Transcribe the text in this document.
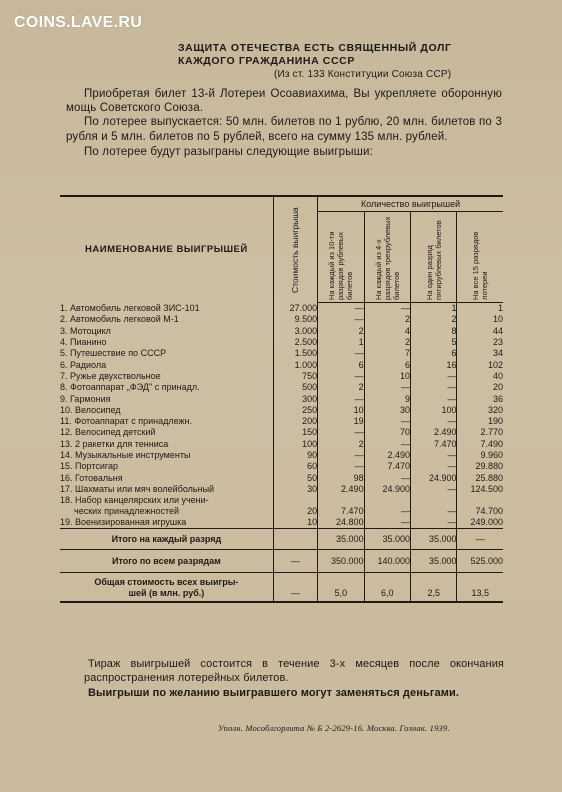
COINS.LAVE.RU
ЗАЩИТА ОТЕЧЕСТВА ЕСТЬ СВЯЩЕННЫЙ ДОЛГ
КАЖДОГО ГРАЖДАНИНА СССР
(Из ст. 133 Конституции Союза ССР)

Приобретая билет 13-й Лотереи Осоавиахима, Вы укрепляете оборонную мощь Советского Союза.

По лотерее выпускается: 50 млн. билетов по 1 рублю, 20 млн. билетов по 3 рубля и 5 млн. билетов по 5 рублей, всего на сумму 135 млн. рублей.

По лотерее будут разыграны следующие выигрыши:

НАИМЕНОВАНИЕ ВЫИГРЫШЕЙ	Стоимость выигрыша	Количество выигрышей			

		На каждый из 10-ти разрядов рублевых билетов	На каждый из 4-х разрядов трехрублевых билетов	На один разряд пятирублевых билетов	На все 15 разрядов лотереи

1. Автомобиль легковой ЗИС-101	27.000	—	—	1	1
2. Автомобиль легковой М-1	9.500	—	2	2	10
3. Мотоцикл	3.000	2	4	8	44
4. Пианино	2.500	1	2	5	23
5. Путешествие по СССР	1.500	—	7	6	34
6. Радиола	1.000	6	6	16	102
7. Ружье двухствольное	750	—	10	—	40
8. Фотоаппарат „ФЭД" с принадл.	500	2	—	—	20
9. Гармония	300	—	9	—	36
10. Велосипед	250	10	30	100	320
11. Фотоаппарат с принадлежн.	200	19	—	—	190
12. Велосипед детский	150	—	70	2.490	2.770
13. 2 ракетки для тенниса	100	2	—	7.470	7.490
14. Музыкальные инструменты	90	—	2.490	—	9.960
15. Портсигар	60	—	7.470	—	29.880
16. Готовальня	50	98	—	24.900	25.880
17. Шахматы или мяч волейбольный	30	2.490	24.900	—	124.500

18. Набор канцелярских или учени-
ческих принадлежностей	20	7.470	—	—	74.700
19. Военизированная игрушка	10	24.800	—	—	249.000
Итого на каждый разряд		35.000	35.000	35.000	—
Итого по всем разрядам	—	350.000	140.000	35.000	525.000

Общая стоимость всех выигры-
шей (в млн. руб.)	—	5,0	6,0	2,5	13,5

Тираж выигрышей состоится в течение 3-х месяцев после окончания распространения лотерейных билетов.

Выигрыши по желанию выигравшего могут заменяться деньгами.

Уполн. Мособлгорлита № Б 2-2629-16. Москва. Гознак. 1939.
